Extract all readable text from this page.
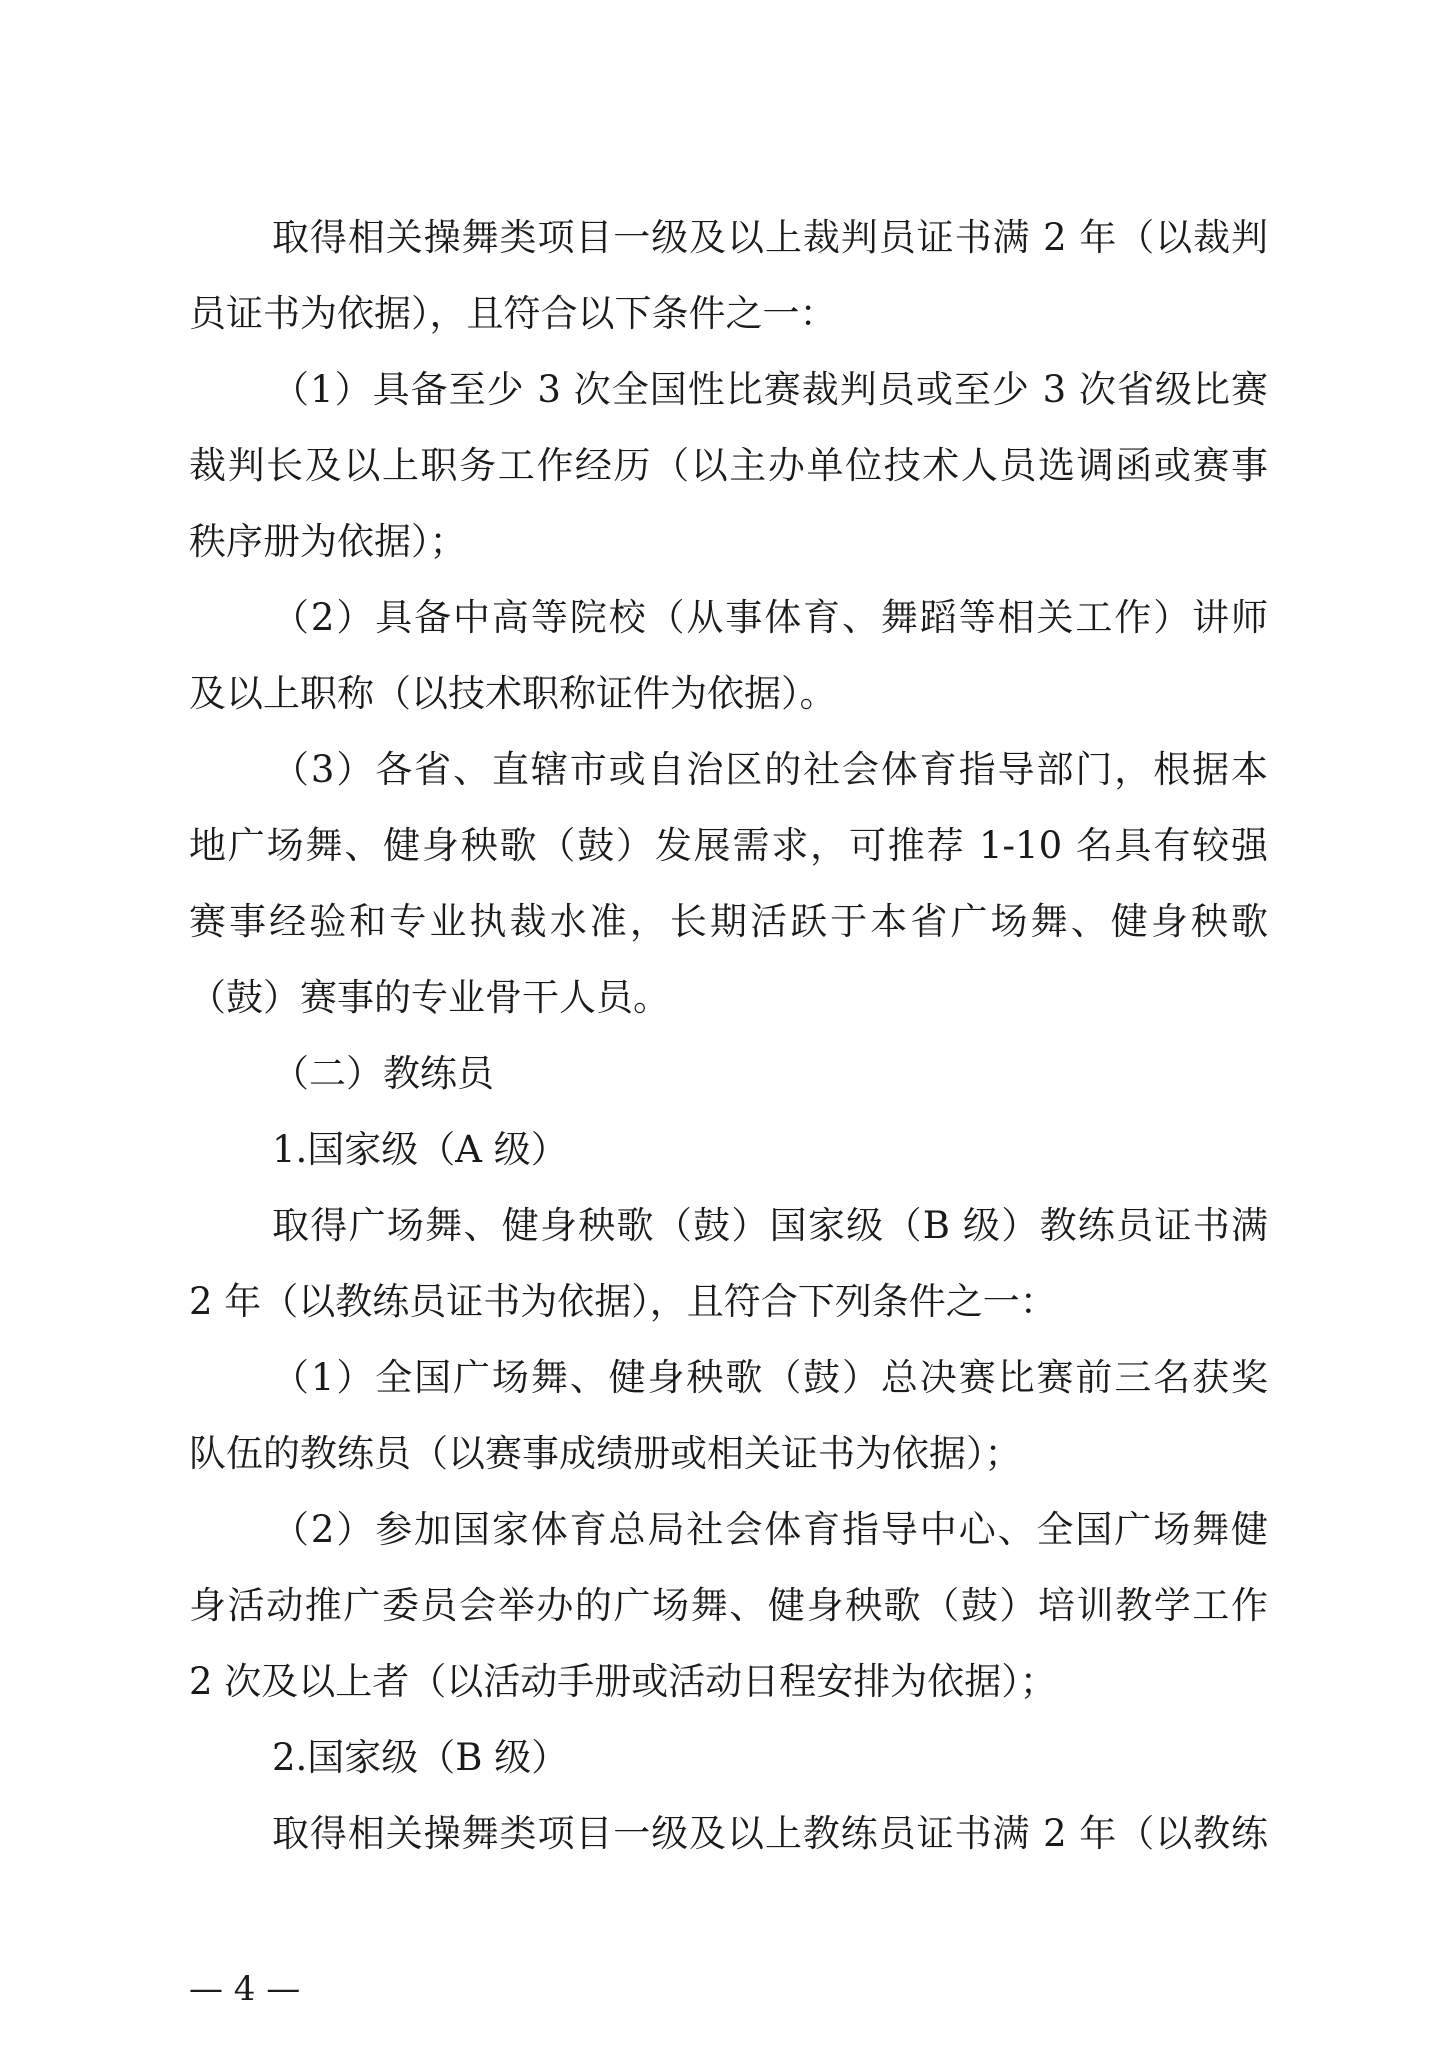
取得相关操舞类项目一级及以上裁判员证书满 2 年（以裁判
员证书为依据），且符合以下条件之一：
（1）具备至少 3 次全国性比赛裁判员或至少 3 次省级比赛
裁判长及以上职务工作经历（以主办单位技术人员选调函或赛事
秩序册为依据）；
（2）具备中高等院校（从事体育、舞蹈等相关工作）讲师
及以上职称（以技术职称证件为依据）。
（3）各省、直辖市或自治区的社会体育指导部门，根据本
地广场舞、健身秧歌（鼓）发展需求，可推荐 1-10 名具有较强
赛事经验和专业执裁水准，长期活跃于本省广场舞、健身秧歌
（鼓）赛事的专业骨干人员。
（二）教练员
1.国家级（A 级）
取得广场舞、健身秧歌（鼓）国家级（B 级）教练员证书满
2 年（以教练员证书为依据），且符合下列条件之一：
（1）全国广场舞、健身秧歌（鼓）总决赛比赛前三名获奖
队伍的教练员（以赛事成绩册或相关证书为依据）；
（2）参加国家体育总局社会体育指导中心、全国广场舞健
身活动推广委员会举办的广场舞、健身秧歌（鼓）培训教学工作
2 次及以上者（以活动手册或活动日程安排为依据）；
2.国家级（B 级）
取得相关操舞类项目一级及以上教练员证书满 2 年（以教练
— 4 —
